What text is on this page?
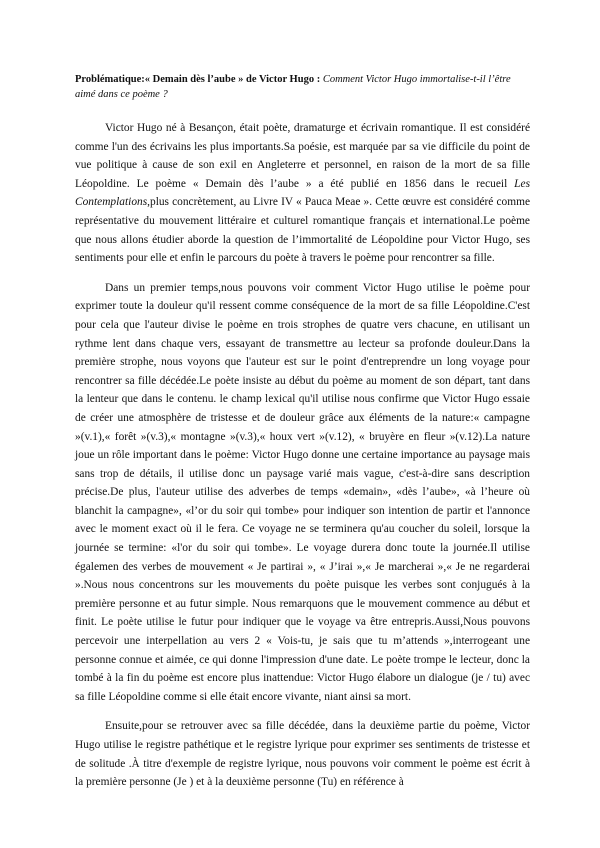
Problématique:« Demain dès l’aube » de Victor Hugo : Comment Victor Hugo immortalise-t-il l’être aimé dans ce poème ?

Victor Hugo né à Besançon, était poète, dramaturge et écrivain romantique. Il est considéré comme l'un des écrivains les plus importants.Sa poésie, est marquée par sa vie difficile du point de vue politique à cause de son exil en Angleterre et personnel, en raison de la mort de sa fille Léopoldine. Le poème « Demain dès l’aube » a été publié en 1856 dans le recueil Les Contemplations,plus concrètement, au Livre IV « Pauca Meae ». Cette œuvre est considéré comme représentative du mouvement littéraire et culturel romantique français et international.Le poème que nous allons étudier aborde la question de l’immortalité de Léopoldine pour Victor Hugo, ses sentiments pour elle et enfin le parcours du poète à travers le poème pour rencontrer sa fille.

Dans un premier temps,nous pouvons voir comment Victor Hugo utilise le poème pour exprimer toute la douleur qu'il ressent comme conséquence de la mort de sa fille Léopoldine.C'est pour cela que l'auteur divise le poème en trois strophes de quatre vers chacune, en utilisant un rythme lent dans chaque vers, essayant de transmettre au lecteur sa profonde douleur.Dans la première strophe, nous voyons que l'auteur est sur le point d'entreprendre un long voyage pour rencontrer sa fille décédée.Le poète insiste au début du poème au moment de son départ, tant dans la lenteur que dans le contenu. le champ lexical qu'il utilise nous confirme que Victor Hugo essaie de créer une atmosphère de tristesse et de douleur grâce aux éléments de la nature:« campagne »(v.1),« forêt »(v.3),« montagne »(v.3),« houx vert »(v.12), « bruyère en fleur »(v.12).La nature joue un rôle important dans le poème: Victor Hugo donne une certaine importance au paysage mais sans trop de détails, il utilise donc un paysage varié mais vague, c'est-à-dire sans description précise.De plus, l'auteur utilise des adverbes de temps «demain», «dès l’aube», «à l’heure où blanchit la campagne», «l’or du soir qui tombe» pour indiquer son intention de partir et l'annonce avec le moment exact où il le fera. Ce voyage ne se terminera qu'au coucher du soleil, lorsque la journée se termine: «l'or du soir qui tombe». Le voyage durera donc toute la journée.Il utilise égalemen des verbes de mouvement « Je partirai », « J’irai »,« Je marcherai »,« Je ne regarderai ».Nous nous concentrons sur les mouvements du poète puisque les verbes sont conjugués à la première personne et au futur simple. Nous remarquons que le mouvement commence au début et finit. Le poète utilise le futur pour indiquer que le voyage va être entrepris.Aussi,Nous pouvons percevoir une interpellation au vers 2 « Vois-tu, je sais que tu m’attends »,interrogeant une personne connue et aimée, ce qui donne l'impression d'une date. Le poète trompe le lecteur, donc la tombé à la fin du poème est encore plus inattendue: Victor Hugo élabore un dialogue (je / tu) avec sa fille Léopoldine comme si elle était encore vivante, niant ainsi sa mort.

Ensuite,pour se retrouver avec sa fille décédée, dans la deuxième partie du poème, Victor Hugo utilise le registre pathétique et le registre lyrique pour exprimer ses sentiments de tristesse et de solitude .À titre d'exemple de registre lyrique, nous pouvons voir comment le poème est écrit à la première personne (Je ) et à la deuxième personne (Tu) en référence à
